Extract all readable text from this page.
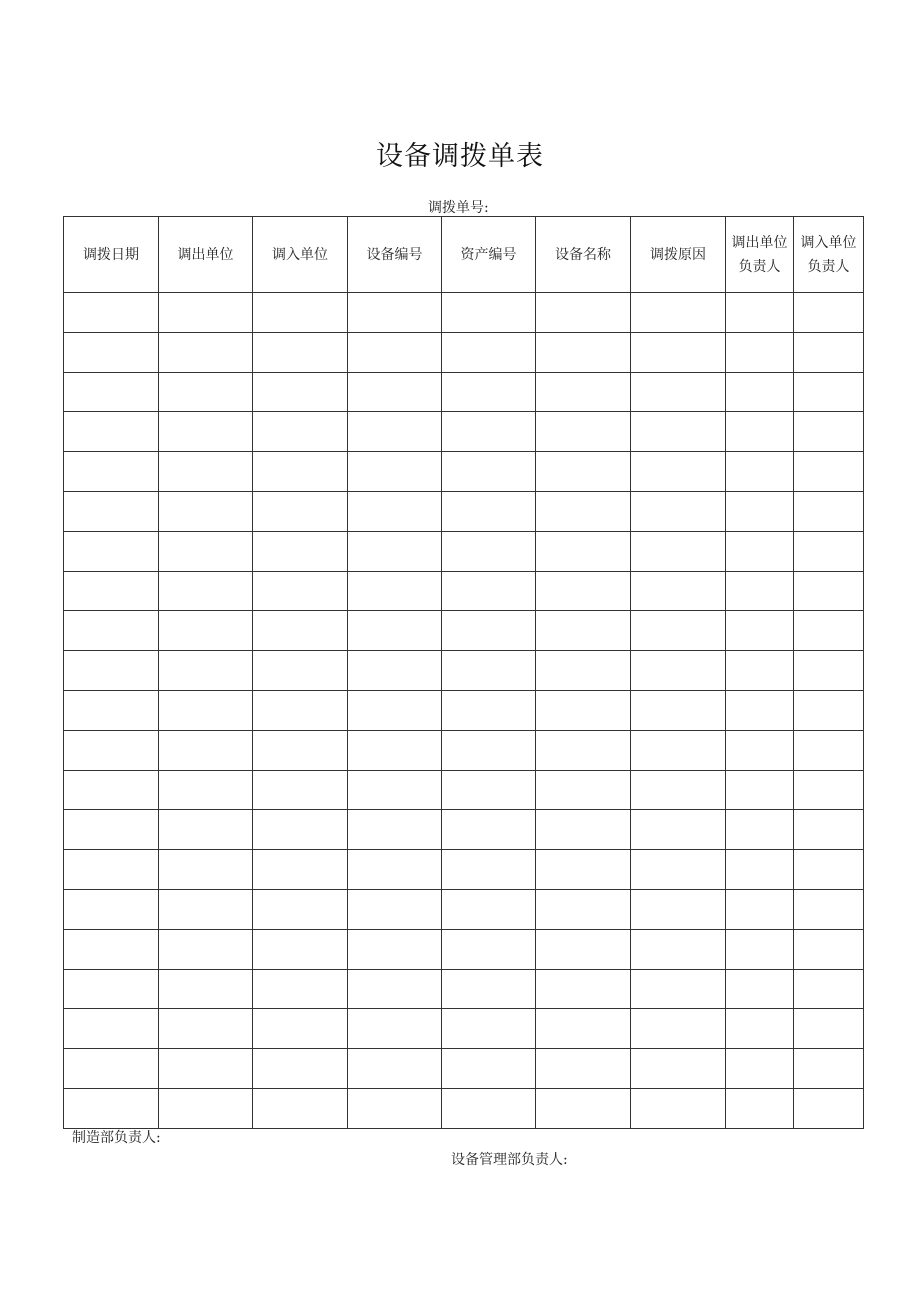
设备调拨单表
调拨单号:
调拨日期	调出单位	调入单位	设备编号	资产编号	设备名称	调拨原因	调出单位负责人	调入单位负责人

制造部负责人:
设备管理部负责人:
